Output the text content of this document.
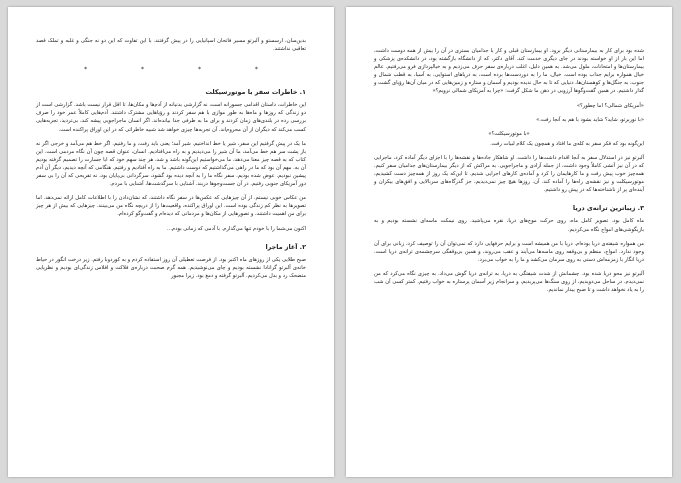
بدین‌سان، ارسستو و آلبرتو مسیر فاتحان اسپانیایی را در پیش گرفتند. با این تفاوت که این دو نه جنگی و غلبه و تملک قصد تعاقبی نداشتند.

* * * *
۱. خاطرات سفر با موتورسیکلت

این خاطرات، داستان اقدامی جسورانه است، نه گزارشی بدنیانه از آدم‌ها و مکان‌ها، تا اقل قرار نیست باشد. گزارشی است از دو زندگی که روزها و ماه‌ها به طور موازی با هم سفر کردند و رؤیاهایی مشترک داشتند. آدم‌هایی کاملاً عمر خود را صرف بررسی رده در بلندی‌های زمان کردند و برای ما به طرفی جدا بیانده‌اند. اگر انسان ماجراجویی پیشه کند، بی‌تردید، تجربه‌هایی کسب می‌کند که دیگران از آن محروم‌اند. آن تجربه‌ها چیزی خواهد شد شبیه خاطراتی که در این اوراق پراکنده است.

ما یک در پیش گرفتیم این سفر، شیر یا خط انداختیم. شیر آمد؛ یعنی باید رفت، و ما رفتیم. اگر خط هم می‌آمد و خرجی اگر نه باز پشت سر هم خط می‌آمد، ما آن شیر را می‌دیدیم و به راه می‌افتادیم. انسان، عنوان قصه چون آن نگاه مردمی است. این کتاب که به قصه چیز معنا می‌دهد، ما می‌خواستیم این‌گونه باشد و شد، هر چند سهم خود که ابا جسارت را تصمیم گرفته بودیم آن به. مهم آن بود که ما در راهی می‌گذاشتیم که دوست داشتیم. ما به راه آفتادیم و رفتیم. هنگامی که آنچه دیدیم، دیگر آن آدم پیشین نبودیم. عوض شده بودیم. سفر نگاه ما را به آنچه دیده بود گشود، سرگردانی بی‌پایان بود، نه تفریحی که آن را بی سفر دور آمریکای جنوبی رفتیم. در آن جست‌وجوها دربند. آشنایی با سرگذشت‌ها، آشنایی با مردم.

من عکاس خوبی نیستم. از آن چیزهایی که عکس‌ها در سفر نگاه داشتند، که نشان‌دادن را با اطلاعات کامل ارائه نمی‌دهد. اما تصویرها به نظر کم زندگی بوده است. این اوراق پراکنده، واقعیت‌ها را از دریچه نگاه من می‌بینند. چیزهایی که بیش از هر چیز برای من اهمیت داشتند، و تصورهایی از مکان‌ها و مردمانی که دیده‌ام و گفت‌وگو کرده‌ام.

اکنون می‌شما را با خودم تنها می‌گذارم. با آدمی که زمانی بودم...

۲. آغاز ماجرا

صبح طلایی یکی از روزهای ماه اکتبر بود. از فرصت تعطیلی آن روز استفاده کردم و به کوردوبا رفتم. زیر درخت انگور در حیاط خانه‌ی آلبرتو گرانادا نشسته بودیم و چای می‌نوشیدیم. همه گرم صحبت درباره‌ی فلاکت و افلاس زندگی‌ای بودیم و نظرپایی متضحک رد و بدل می‌کردیم. آلبرتو گرفته و دمغ بود. زیرا مجبور

شده بود برای کار به بیمارستانی دیگر برود. او بیمارستان قبلی و کار با جذامیان بستری در آن را بیش از همه دوست داشت، اما این بار از او خواسته بودند در جای دیگری خدمت کند. آقای دکتر، که از دانشگاه بازگشته بود، در دانشکده‌ی پزشکی و بیمارستان‌ها و امتحانات، ملول می‌شد. به همین دلیل، اغلب درباره‌ی سفر حرف می‌زدیم و به خیالپردازی فرو می‌رفتیم. عالم خیال همواره برایم جذاب بوده است. خیال، ما را به دوردست‌ها برده است، به دریاهای استوایی، به آسیا، به قطب شمال و جنوب، به جنگل‌ها و کوهستان‌ها، دنیایی که تا به حال ندیده بودیم و آسمان و ستاره و زمین‌هایی که در میان آن‌ها رؤیای گشت و گذار داشتیم. در همین گفت‌وگوها آرزویی در ذهن ما شکل گرفت: «چرا به آمریکای شمالی نرویم؟»

«آمریکای شمالی؟ اما چطور؟»

«با نوربرتو، شاید؟ شاید بشود با هم به آنجا رفت.»

«با موتورسیکلت؟»

این‌گونه بود که فکر سفر به کله‌ی ما افتاد و همچون یک کلام لبیات رفت.

آلبرتو نیز در استدلال سفر به آنجا اقدام داشت‌ها را داشت. او شاهکار جاده‌ها و نقشه‌ها را با اجزای دیگر آماده کرد، ماجرایی که در آن نیز آتشی کاملاً وجود داشت، از جمله آزادی و ماجراجویی. به مراکش که از دیگر بیمارستان‌های جذامیان سفر کنیم. همه‌چیز خوب پیش رفت و ما کارهایمان را کرد و آماده‌ی کارهای اجرایی شدیم. تا این‌که یک روز از همه‌چیز دست کشیدیم، موتورسیکلت و نیز نقشه‌ی راه‌ها را آماده کند. آن. روزها هیچ چیز نمی‌دیدیم، جز گذرگاه‌های سربالایی و افق‌های بیکران و آینده‌ای پر از ناشناخته‌ها که در پیش رو داشتیم.

۳. زیباترین ترانه‌ی دریا

ماه کامل بود. تصویر کامل ماه، روی حرکت موج‌های دریا، نقره می‌پاشید. روی نیمکت ماسه‌ای نشسته بودیم و به بازیگوشی‌های امواج نگاه می‌کردیم.

من همواره شیفته‌ی دریا بوده‌ام. دریا با من همیشه است و برایم حرفهایی دارد که نمی‌توان آن را توصیف کرد، زبانی برای آن وجود ندارد. امواج، منظم و بی‌وقفه روی ماسه‌ها می‌آیند و عقب می‌روند، و همین بی‌وقفگی سرچشمه‌ی ترانه‌ی دریا است. دریا انگار با زمزمه‌اش دستی به روی سرمان می‌کشد و ما را به خواب می‌برد.

آلبرتو نیز محو دریا شده بود. چشمانش از شدت شیفتگی به دریا، به ترانه‌ی دریا گوش می‌داد. به چیزی نگاه می‌کرد که من نمی‌دیدم. در ساحل می‌دویدیم، از روی سنگ‌ها می‌پریدیم، و سرانجام زیر آسمان پرستاره به خواب رفتیم. کمتر کسی آن شب را به یاد نخواهد داشت و تا صبح بیدار نماندیم.
